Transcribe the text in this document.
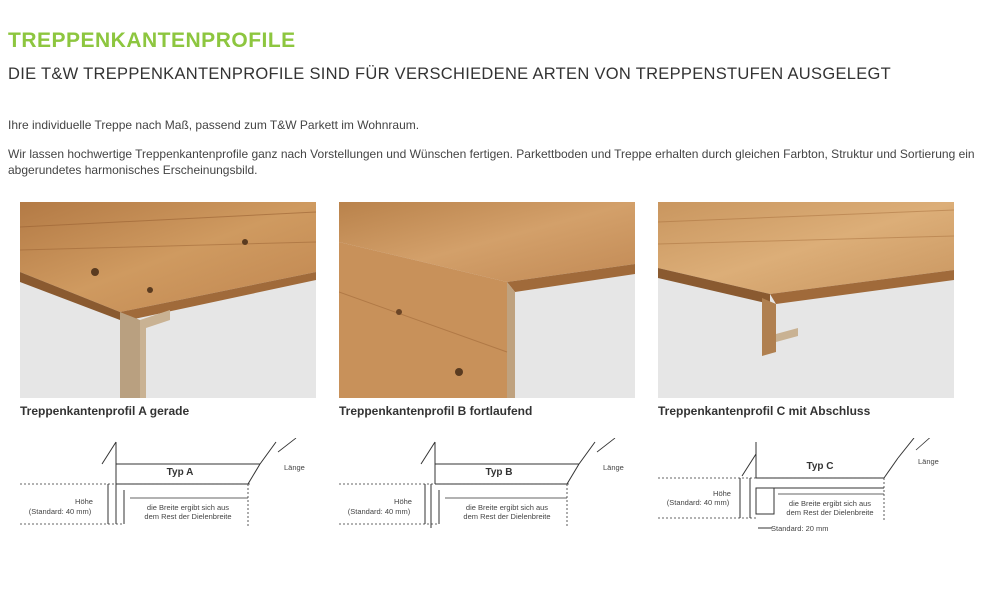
TREPPENKANTENPROFILE
DIE T&W TREPPENKANTENPROFILE SIND FÜR VERSCHIEDENE ARTEN VON TREPPENSTUFEN AUSGELEGT
Ihre individuelle Treppe nach Maß, passend zum T&W Parkett im Wohnraum.
Wir lassen hochwertige Treppenkantenprofile ganz nach Vorstellungen und Wünschen fertigen. Parkettboden und Treppe erhalten durch gleichen Farbton, Struktur und Sortierung ein abgerundetes harmonisches Erscheinungsbild.
Treppenkantenprofil A gerade
Typ A	Länge
Höhe
(Standard: 40 mm)	die Breite ergibt sich aus
dem Rest der Dielenbreite
Treppenkantenprofil B fortlaufend
Typ B	Länge
Höhe
(Standard: 40 mm)	die Breite ergibt sich aus
dem Rest der Dielenbreite
Treppenkantenprofil C mit Abschluss
Typ C	Länge
Höhe
(Standard: 40 mm)	die Breite ergibt sich aus
dem Rest der Dielenbreite
Standard: 20 mm
